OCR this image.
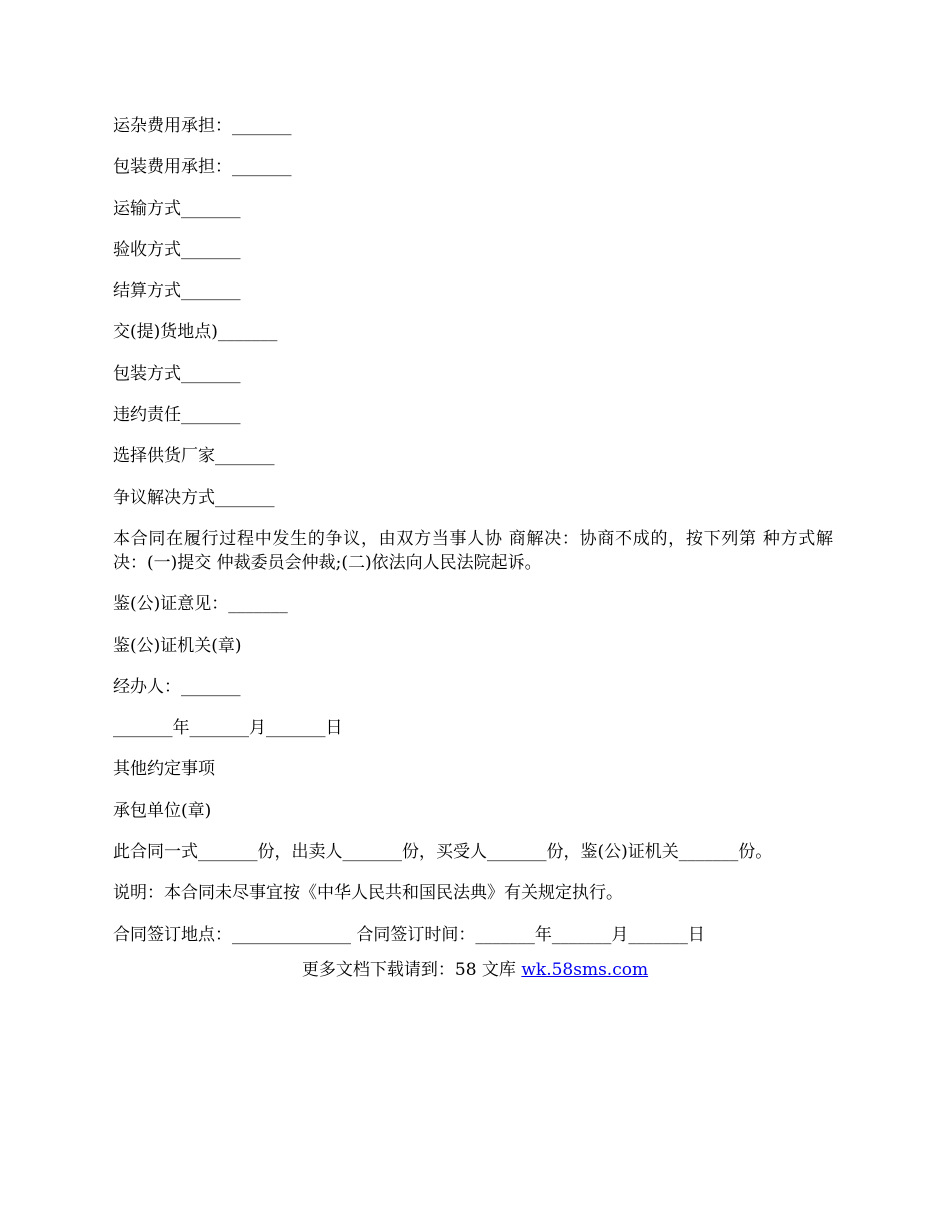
运杂费用承担：_______
包装费用承担：_______
运输方式_______
验收方式_______
结算方式_______
交(提)货地点)_______
包装方式_______
违约责任_______
选择供货厂家_______
争议解决方式_______
本合同在履行过程中发生的争议，由双方当事人协 商解决：协商不成的，按下列第 种方式解决：(一)提交 仲裁委员会仲裁;(二)依法向人民法院起诉。
鉴(公)证意见：_______
鉴(公)证机关(章)
经办人：_______
_______年_______月_______日
其他约定事项
承包单位(章)
此合同一式_______份，出卖人_______份，买受人_______份，鉴(公)证机关_______份。
说明：本合同未尽事宜按《中华人民共和国民法典》有关规定执行。
合同签订地点：______________ 合同签订时间：_______年_______月_______日
更多文档下载请到：58 文库 wk.58sms.com
